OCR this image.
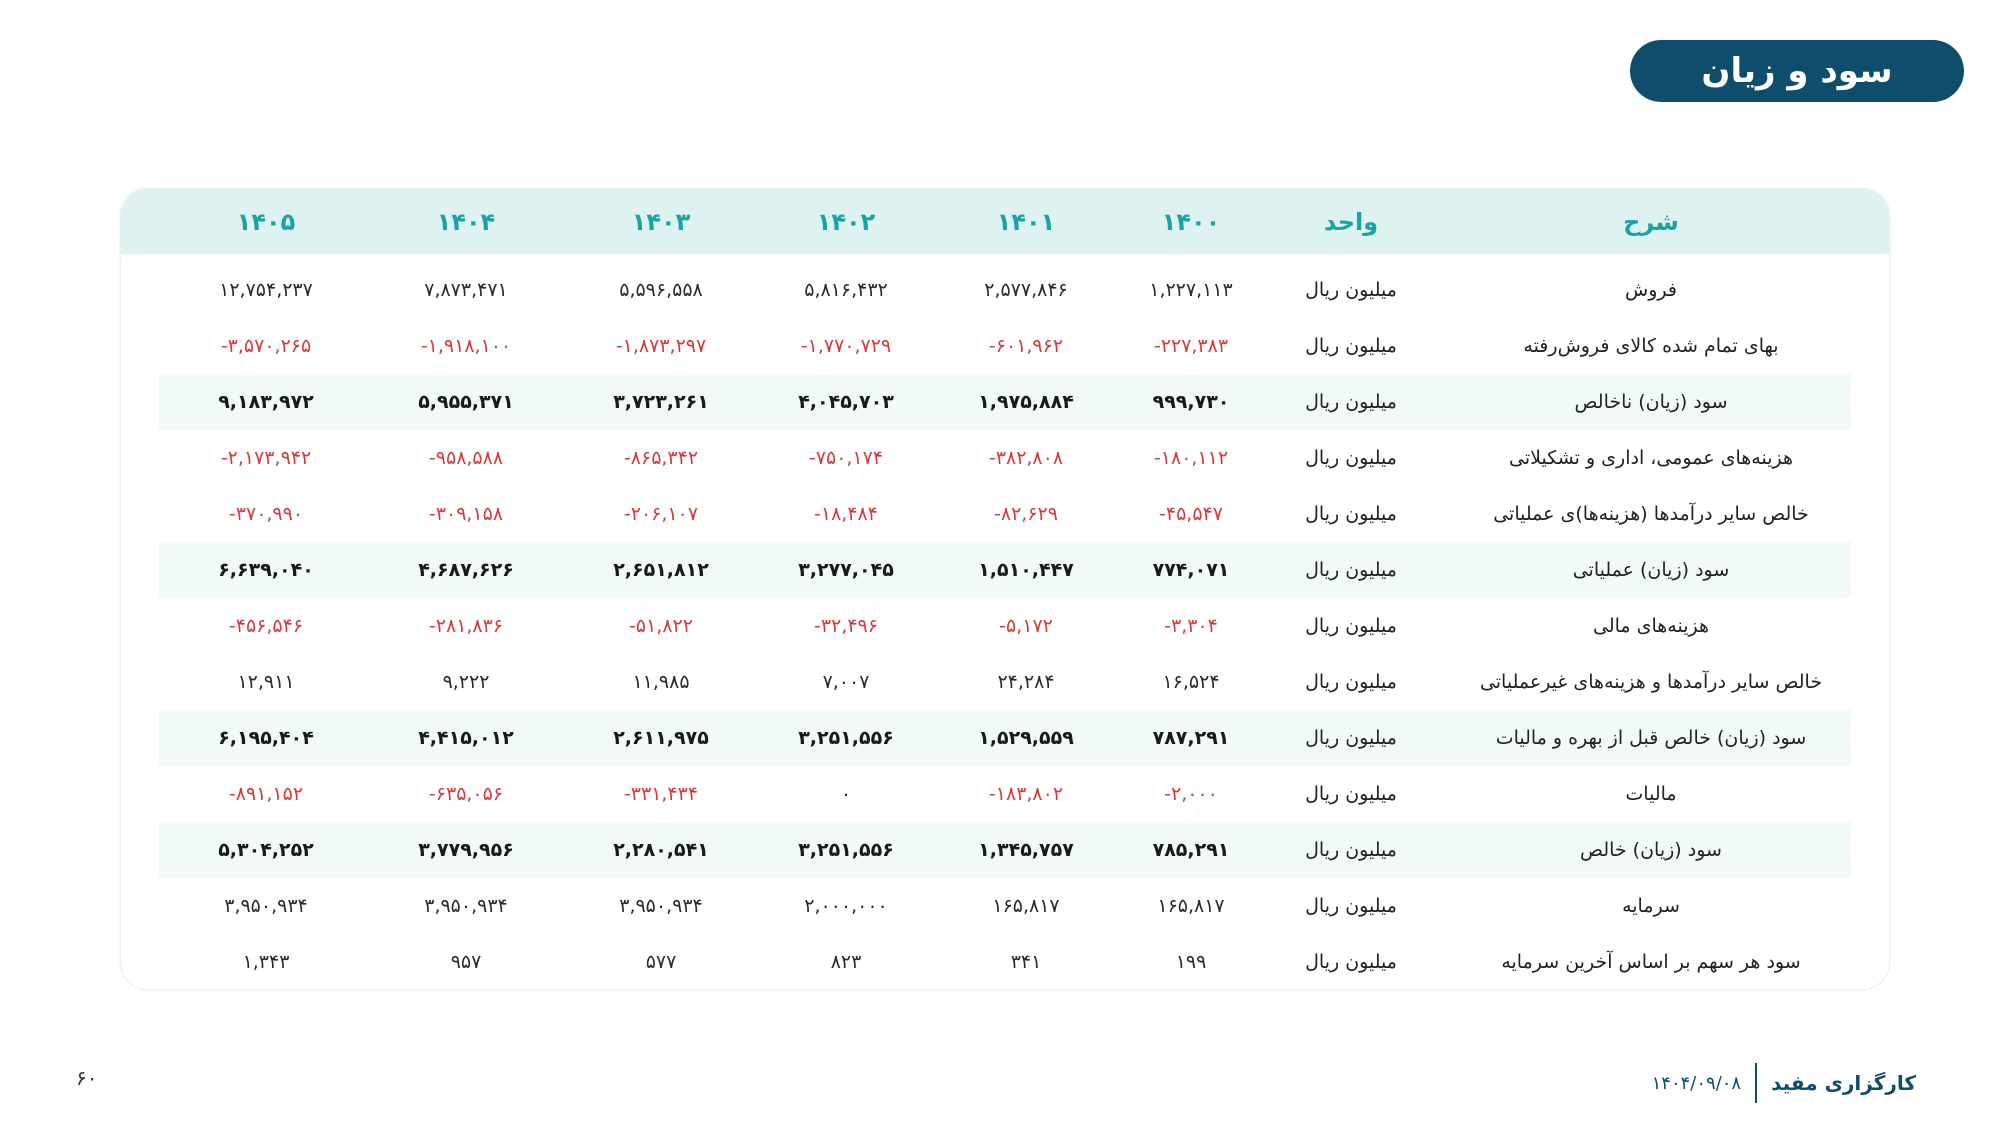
سود و زیان
شرح
واحد
۱۴۰۰
۱۴۰۱
۱۴۰۲
۱۴۰۳
۱۴۰۴
۱۴۰۵
فروش
میلیون ریال
۱,۲۲۷,۱۱۳
۲,۵۷۷,۸۴۶
۵,۸۱۶,۴۳۲
۵,۵۹۶,۵۵۸
۷,۸۷۳,۴۷۱
۱۲,۷۵۴,۲۳۷
بهای تمام شده کالای فروش‌رفته
میلیون ریال
-۲۲۷,۳۸۳
-۶۰۱,۹۶۲
-۱,۷۷۰,۷۲۹
-۱,۸۷۳,۲۹۷
-۱,۹۱۸,۱۰۰
-۳,۵۷۰,۲۶۵
سود (زیان) ناخالص
میلیون ریال
۹۹۹,۷۳۰
۱,۹۷۵,۸۸۴
۴,۰۴۵,۷۰۳
۳,۷۲۳,۲۶۱
۵,۹۵۵,۳۷۱
۹,۱۸۳,۹۷۲
هزینه‌های عمومی، اداری و تشکیلاتی
میلیون ریال
-۱۸۰,۱۱۲
-۳۸۲,۸۰۸
-۷۵۰,۱۷۴
-۸۶۵,۳۴۲
-۹۵۸,۵۸۸
-۲,۱۷۳,۹۴۲
خالص سایر درآمدها (هزینه‌ها)ی عملیاتی
میلیون ریال
-۴۵,۵۴۷
-۸۲,۶۲۹
-۱۸,۴۸۴
-۲۰۶,۱۰۷
-۳۰۹,۱۵۸
-۳۷۰,۹۹۰
سود (زیان) عملیاتی
میلیون ریال
۷۷۴,۰۷۱
۱,۵۱۰,۴۴۷
۳,۲۷۷,۰۴۵
۲,۶۵۱,۸۱۲
۴,۶۸۷,۶۲۶
۶,۶۳۹,۰۴۰
هزینه‌های مالی
میلیون ریال
-۳,۳۰۴
-۵,۱۷۲
-۳۲,۴۹۶
-۵۱,۸۲۲
-۲۸۱,۸۳۶
-۴۵۶,۵۴۶
خالص سایر درآمدها و هزینه‌های غیرعملیاتی
میلیون ریال
۱۶,۵۲۴
۲۴,۲۸۴
۷,۰۰۷
۱۱,۹۸۵
۹,۲۲۲
۱۲,۹۱۱
سود (زیان) خالص قبل از بهره و مالیات
میلیون ریال
۷۸۷,۲۹۱
۱,۵۲۹,۵۵۹
۳,۲۵۱,۵۵۶
۲,۶۱۱,۹۷۵
۴,۴۱۵,۰۱۲
۶,۱۹۵,۴۰۴
مالیات
میلیون ریال
-۲,۰۰۰
-۱۸۳,۸۰۲
۰
-۳۳۱,۴۳۴
-۶۳۵,۰۵۶
-۸۹۱,۱۵۲
سود (زیان) خالص
میلیون ریال
۷۸۵,۲۹۱
۱,۳۴۵,۷۵۷
۳,۲۵۱,۵۵۶
۲,۲۸۰,۵۴۱
۳,۷۷۹,۹۵۶
۵,۳۰۴,۲۵۲
سرمایه
میلیون ریال
۱۶۵,۸۱۷
۱۶۵,۸۱۷
۲,۰۰۰,۰۰۰
۳,۹۵۰,۹۳۴
۳,۹۵۰,۹۳۴
۳,۹۵۰,۹۳۴
سود هر سهم بر اساس آخرین سرمایه
میلیون ریال
۱۹۹
۳۴۱
۸۲۳
۵۷۷
۹۵۷
۱,۳۴۳
۱۴۰۴/۰۹/۰۸ کارگزاری مفید
۶۰
